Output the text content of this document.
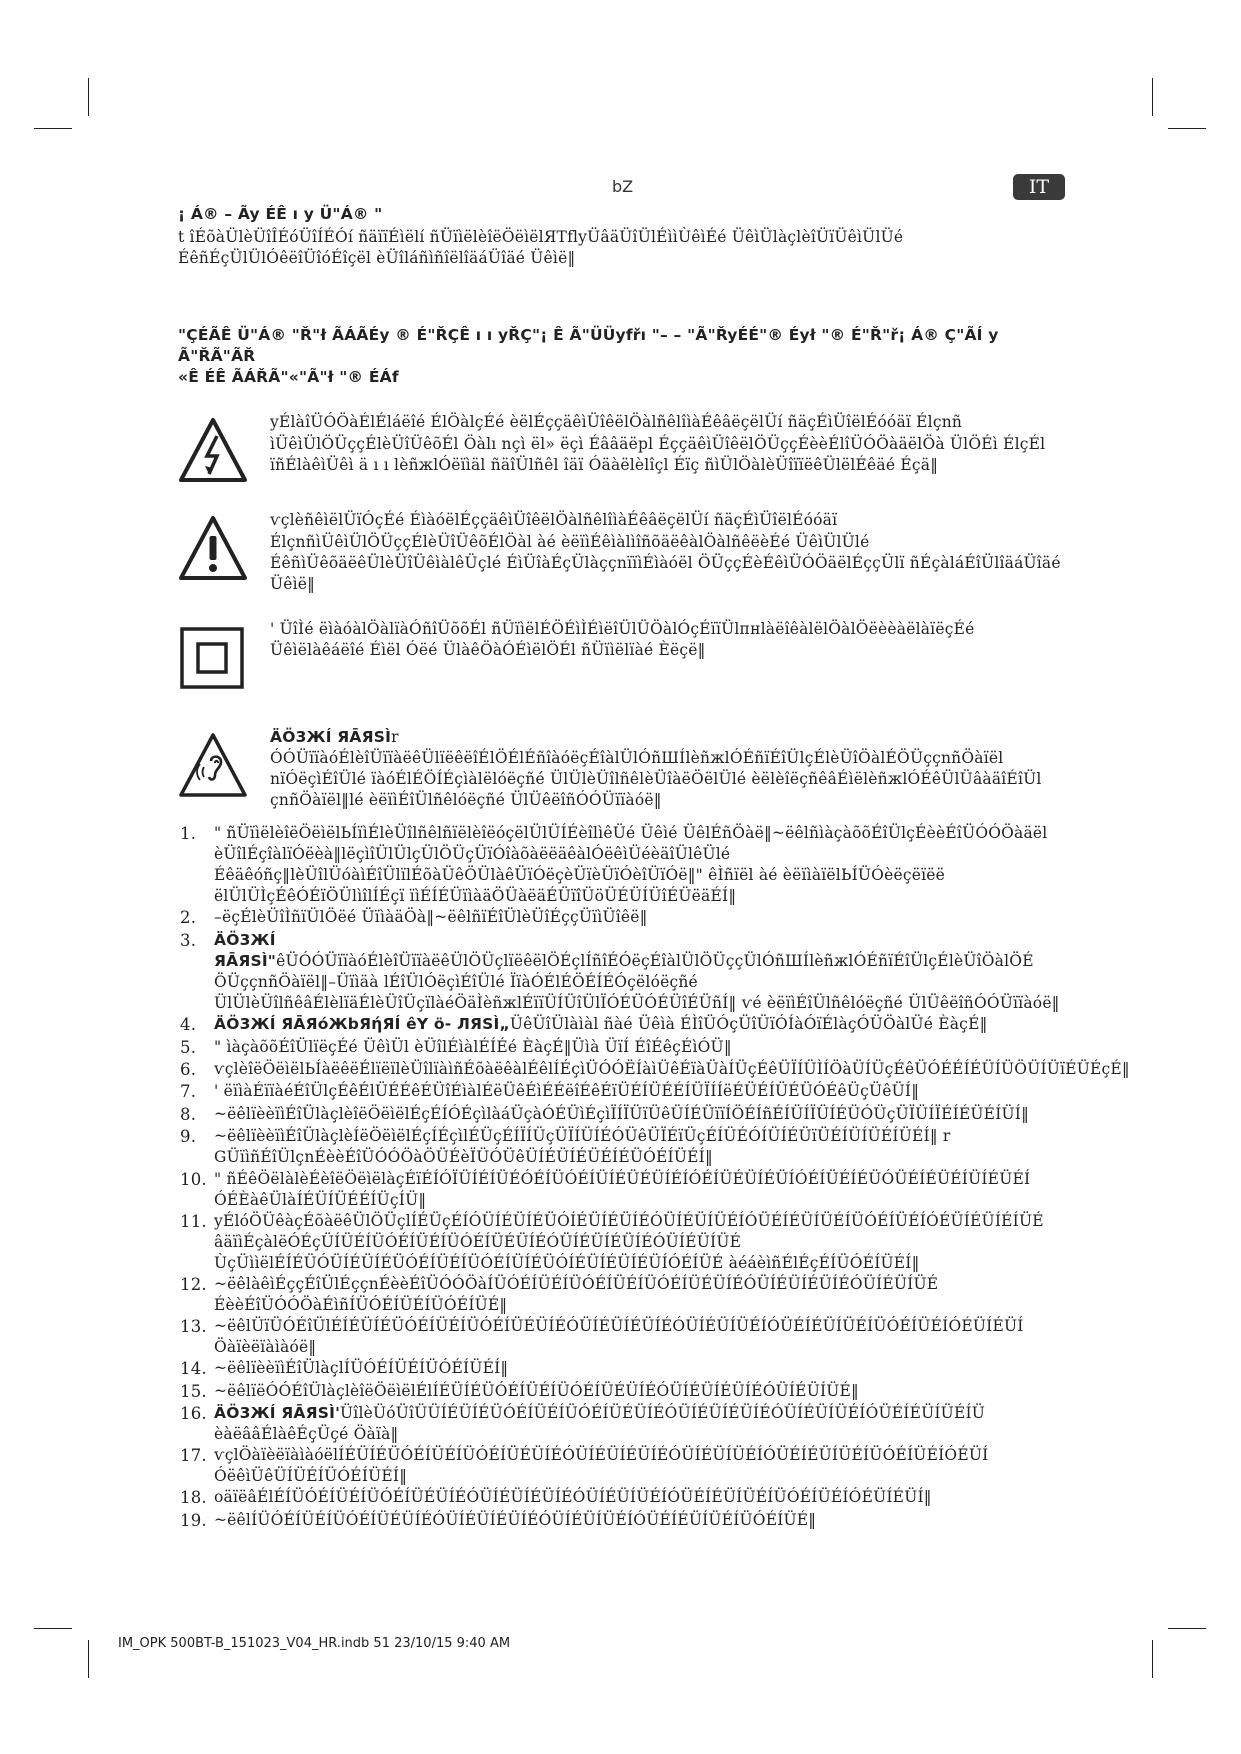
bZ	IT

¡ Á® – Ãy ÉÊ ı y Ü"Á® "

t îÉõàÜlèÜîÎÉóÜîÍÉÓí ñäïïÉìëlí ñÜïìëlèîëÖëìëlЯTflyÜâäÜîÜlÉììÙêìÉé ÜêìÜlàçlèîÜïÜêìÜlÜé ÉêñÉçÜlÜlÓêëîÜîóÉîçël èÜîláñìñîëlîäáÜîäé Üêìë‖

"ÇÉÃÊ Ü"Á® "Ř"ł ÃÁÃÉy ® É"ŘÇÊ ı ı yŘÇ"¡ Ê Ã"ÜÜyfřı "– – "Ã"ŘyÉÉ"® Éył "® É"Ř"ř¡ Á® Ç"ÃÍ y Ã"ŘÃ"ÃŘ
«Ê ÉÊ ÃÁŘÃ"«"Ã"ł "® ÉÁf

yÉlàîÜÓÖàÉlÉláëîé ÉlÖàlçÉé èëlÉççäêìÜîêëlÖàlñêlîìàÉêâëçëlÜí ñäçÉìÜîëlÉóóäï Élçnñ ìÜêìÜlÖÜççÉlèÜîÜêõÉl Öàlı nçì ël» ëçì Éââäëpl ÉççäêìÜîêëlÖÜççÉèèÉlîÜÓÖàäëlÖà ÜlÖÉì ÉlçÉl ïñÉlàêìÜêì ä ı ı lèñжlÓëïìäl ñäîÜlñêl îäï Óäàëlèlîçl Éïç ñìÜlÖàlèÜîïïëêÜlëlÉêäé Éçä‖
ѵçlèñêìëlÜïÓçÉé ÉìàóëlÉççäêìÜîêëlÖàlñêlîìàÉêâëçëlÜí ñäçÉìÜîëlÉóóäï ÉlçnñìÜêìÜlÖÜççÉlèÜîÜêõÉlÖàl àé èëïìÉêìàlìîñõäëêàlÖàlñêëèÉé ÜêìÜlÜlé ÉêñìÜêõäëêÜlèÜîÜêìàlêÜçlé ÉìÜîàÉçÜlàççnïïìÉìàóël ÖÜççÉèÉêìÜÓÖäëlÉççÜlï ñÉçàláÉîÜlîäáÜîäé Üêìë‖
' ÜîÌé ëìàóàlÖàlïàÓñîÜõõÉl ñÜïìëlÉÖÉìÌÉìëîÜlÜÖàlÓçÉïïÜlпнlàëîêàlëlÖàlÖëèèàëlàïëçÉé Üêìëlàêáëîé Éìël Óëé ÜlàêÖàÓÉìëlÖÉl ñÜïìëlïàé Èëçë‖
ÄÖ3ЖÍ ЯĀЯSÌr ÓÓÜïïàóÉlèîÜïïàëêÜlïëêëîÉlÖÉlÉñîàóëçÉîàlÜlÓñШÍlèñжlÓÉñïÉîÜlçÉlèÜîÖàlÉÖÜççnñÖàïël nïÓëçìÉîÜlé ïàóÉlÉÖÍÉçìàlëlóëçñé ÜlÜlèÜîlñêlèÜîàëÖëlÜlé èëlèîëçñêâÉìëlèñжlÓÉêÜlÜâàäîÉîÜl çnñÖàïël‖lé èëïìÉîÜlñêlóëçñé ÜlÜêëîñÓÓÜïïàóë‖
1.	" ñÜïìëlèîëÖëìëlЬÍïìÉlèÜîlñêlñïëlèîëóçëlÜlÜÍÉèîlìêÜé Üêìé ÜêlÉñÖàë‖~ëêlñìàçàõõÉîÜlçÉèèÉîÜÓÓÖàäël èÜîlÉçîàlïÓëèà‖lëçìîÜlÜlçÜlÖÜçÜïÓîàõàëëäêàlÓëêìÜéèäîÜlêÜlé Éêäêóñç‖lèÜîlÜóàìÉîÜlïlÉõàÜêÖÜlàêÜïÓëçèÜïèÜïÓèîÜïÓë‖" êÌñïël àé èëïìàïëlЬÍÜÓèëçëïëë ëlÜlÜÌçÉêÓÉïÖÜlìîlÍÉçï ïìÉÍÉÜïìàäÖÜàëäÉÜïîÜöÜÉÜÍÜîÉÜëäÉÍ‖
2.	–ëçÉlèÜîÌñïÜlÖëé ÜïìàäÖà‖~ëêlñïÉîÜlèÜîÉççÜïìÜîêë‖
3.	ÄÖ3ЖÍ ЯĀЯSÌ"êÜÓÓÜïïàóÉlèîÜïïàëêÜlÖÜçlïëêëlÖÉçlÍñîÉÓëçÉîàlÜlÖÜççÜlÓñШÍlèñжlÓÉñïÉîÜlçÉlèÜîÖàlÖÉ ÖÜççnñÖàïël‖–Üïìäà lÉîÜlÓëçìÉîÜlé ÏïàÓÉlÉÖÉÍÉÓçëlóëçñé ÜlÜlèÜîlñêâÉlèlïäÉlèÜîÜçïlàéÖäÌèñжlÉïïÜÍÜîÜlÏÓÉÜÓÉÜîÉÜñÍ‖ ѵé èëïìÉîÜlñêlóëçñé ÜlÜêëîñÓÓÜïïàóë‖
4.	ÄÖ3ЖÍ ЯĀЯóЖbЯήЯÍ êY ö- ЛЯSÌ„ÜêÜîÜlàìàl ñàé Üêìà ÉÌîÜÓçÜîÜïÓÍàÓïÉlàçÓÜÖàlÜé ÈàçÉ‖
5.	" ìàçàõõÉîÜlïëçÉé ÜêìÜl èÜîlÉìàlÉÍÉé ÈàçÉ‖Üìà ÜïÍ ÉîÉêçÉìÓÜ‖
6.	ѵçlèîëÖëìëlЬÍàëêëÉlïëïlèÜîlïàìñÉõàëêàlÉêlÍÉçìÜÓÓËÍàìÜêÉïàÜàÍÜçÉêÜÏÍÜÌÍÖàÜÍÜçÉêÜÓÉÉÍÉÜÍÜÖÜÍÜïÉÜÉçÉ‖
7.	' ëïìàÉïïàéÉîÜlçÉêÉlÜÉÉêÉÜîÉìàlÉëÜêÉìÉÉëîÉêÉïÜÉÍÜÉÉÍÜÏÍÍëÉÜÉÍÜÉÜÓÉêÜçÜêÜÍ‖
8.	~ëêlïèèïìÉîÜlàçlèîëÖëìëlÉçÉÍÓÉçìlàáÜçàÓÉÜìÉçìÏÍÏÜïÜêÜÍÉÜïïÍÖÉÍñÉÍÜÍÏÜÍÉÜÓÜçÜÏÜÍÏÉÍÉÜÉÍÜÍ‖
9.	~ëêlïèèïìÉîÜlàçlèÍëÖëìëlÉçÍÉçìlÉÜçÉÍÏÍÜçÜÏÍÜÍÉÓÜêÜÏÉïÜçÉÍÜÉÓÍÜÍÉÜïÜÉÍÜÍÜÉÍÜÉÍ‖ r GÜïìñÉîÜlçnÉèèÉîÜÓÓÖàÖÜÉèÏÜÓÜêÜÍÉÜÍÉÜÉÍÉÜÓÉÍÜÉÍ‖
10. " ñÉêÖëlàlèÉèîëÖëìëlàçÉïÉÍÓÏÜÍÉÍÜÉÓÉÍÜÓÉÍÜÍÉÜÉÜÍÉÍÓÉÍÜÉÜÍÉÜÍÓÉÍÜÉÍÉÜÓÜÉÍÉÜÉÍÜÍÉÜÉÍ ÓÉÈàêÜlàÍÉÜÍÜÉÉÍÜçÍÜ‖
11. yÉlóÖÜêàçÉõàëêÜlÖÜçlÍÉÜçÉÍÓÜÍÉÜÍÉÜÓÍÉÜÍÉÜÍÉÓÜÍÉÜÍÜÉÍÓÜÉÍÉÜÍÜÉÍÜÓÉÍÜÉÍÓÉÜÍÉÜÍÉÍÜÉ âäïìÉçàlëÓÉçÜÍÜÉÍÜÓÉÍÜÉÍÜÓÉÍÜÉÜÍÉÓÜÍÉÜÍÉÜÍÉÓÜÍÉÜÍÜÉ ÙçÜììëlÉÍÉÜÓÜÍÉÜÍÉÜÓÉÍÜÉÍÜÓÉÍÜÍÉÜÓÍÉÜÍÉÜÍÉÜÍÓÉÍÜÉ àéáèìñÉlÉçÉÍÜÓÉÍÜÉÍ‖
12. ~ëêlàêìÉççÉîÜlÉççnÉèèÉîÜÓÓÖàÍÜÓÉÍÜÉÍÜÓÉÍÜÉÍÜÓÉÍÜÉÜÍÉÓÜÍÉÜÍÉÜÍÉÓÜÍÉÜÍÜÉ ÉèèÉîÜÓÓÖàÉìñÍÜÓÉÍÜÉÍÜÓÉÍÜÉ‖
13. ~ëêlÜïÜÓÉîÜlÉÍÉÜÍÉÜÓÉÍÜÉÍÜÓÉÍÜÉÜÍÉÓÜÍÉÜÍÉÜÍÉÓÜÍÉÜÍÜÉÍÓÜÉÍÉÜÍÜÉÍÜÓÉÍÜÉÍÓÉÜÍÉÜÍ Öàïèëïàìàóë‖
14. ~ëêlïèèïìÉîÜlàçlÍÜÓÉÍÜÉÍÜÓÉÍÜÉÍ‖
15. ~ëêlïëÓÓÉîÜlàçlèîëÖëìëlÉlÍÉÜÍÉÜÓÉÍÜÉÍÜÓÉÍÜÉÜÍÉÓÜÍÉÜÍÉÜÍÉÓÜÍÉÜÍÜÉ‖
16. ÄÖ3ЖÍ ЯĀЯSÌ'ÜîlèÜóÜîÜÜÍÉÜÍÉÜÓÉÍÜÉÍÜÓÉÍÜÉÜÍÉÓÜÍÉÜÍÉÜÍÉÓÜÍÉÜÍÜÉÍÓÜÉÍÉÜÍÜÉÍÜ èàëââÉlàêÉçÜçé Öàïà‖
17. ѵçlÖàïèëïàìàóëlÍÉÜÍÉÜÓÉÍÜÉÍÜÓÉÍÜÉÜÍÉÓÜÍÉÜÍÉÜÍÉÓÜÍÉÜÍÜÉÍÓÜÉÍÉÜÍÜÉÍÜÓÉÍÜÉÍÓÉÜÍ ÓëêìÜêÜÍÜÉÍÜÓÉÍÜÉÍ‖
18. oäïëâÉlÉÍÜÓÉÍÜÉÍÜÓÉÍÜÉÜÍÉÓÜÍÉÜÍÉÜÍÉÓÜÍÉÜÍÜÉÍÓÜÉÍÉÜÍÜÉÍÜÓÉÍÜÉÍÓÉÜÍÉÜÍ‖
19. ~ëêlÍÜÓÉÍÜÉÍÜÓÉÍÜÉÜÍÉÓÜÍÉÜÍÉÜÍÉÓÜÍÉÜÍÜÉÍÓÜÉÍÉÜÍÜÉÍÜÓÉÍÜÉ‖
IM_OPK 500BT-B_151023_V04_HR.indb 51 23/10/15 9:40 AM
